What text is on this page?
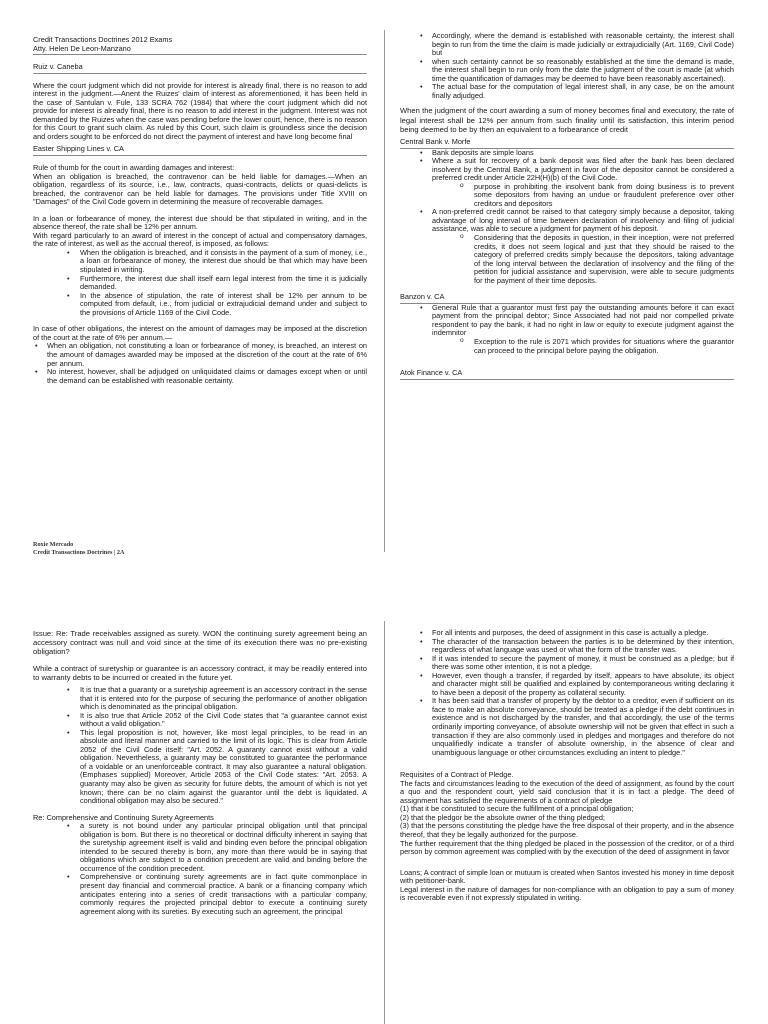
Credit Transactions Doctrines 2012 Exams

Atty. Helen De Leon-Manzano

Ruiz v. Caneba

Where the court judgment which did not provide for interest is already final, there is no reason to add interest in the judgment.—Anent the Ruizes' claim of interest as aforementioned, it has been held in the case of Santulan v. Fule, 133 SCRA 762 (1984) that where the court judgment which did not provide for interest is already final, there is no reason to add interest in the judgment. Interest was not demanded by the Ruizes when the case was pending before the lower court, hence, there is no reason for this Court to grant such claim. As ruled by this Court, such claim is groundless since the decision and orders sought to be enforced do not direct the payment of interest and have long become final

Easter Shipping Lines v. CA

Rule of thumb for the court in awarding damages and interest:
When an obligation is breached, the contravenor can be held liable for damages.—When an obligation, regardless of its source, i.e., law, contracts, quasi-contracts, delicts or quasi-delicts is breached, the contravenor can be held liable for damages. The provisions under Title XVIII on "Damages" of the Civil Code govern in determining the measure of recoverable damages.

In a loan or forbearance of money, the interest due should be that stipulated in writing, and in the absence thereof, the rate shall be 12% per annum.
With regard particularly to an award of interest in the concept of actual and compensatory damages, the rate of interest, as well as the accrual thereof, is imposed, as follows:

• When the obligation is breached, and it consists in the payment of a sum of money, i.e., a loan or forbearance of money, the interest due should be that which may have been stipulated in writing.
• Furthermore, the interest due shall itself earn legal interest from the time it is judicially demanded.
• In the absence of stipulation, the rate of interest shall be 12% per annum to be computed from default, i.e., from judicial or extrajudicial demand under and subject to the provisions of Article 1169 of the Civil Code.

In case of other obligations, the interest on the amount of damages may be imposed at the discretion of the court at the rate of 6% per annum.—

• When an obligation, not constituting a loan or forbearance of money, is breached, an interest on the amount of damages awarded may be imposed at the discretion of the court at the rate of 6% per annum.
• No interest, however, shall be adjudged on unliquidated claims or damages except when or until the demand can be established with reasonable certainty.
Roxie Mercado
Credit Transactions Doctrines | 2A
• Accordingly, where the demand is established with reasonable certainty, the interest shall begin to run from the time the claim is made judicially or extrajudicially (Art. 1169, Civil Code) but
• when such certainty cannot be so reasonably established at the time the demand is made, the interest shall begin to run only from the date the judgment of the court is made (at which time the quantification of damages may be deemed to have been reasonably ascertained).
• The actual base for the computation of legal interest shall, in any case, be on the amount finally adjudged.

When the judgment of the court awarding a sum of money becomes final and executory, the rate of legal interest shall be 12% per annum from such finality until its satisfaction, this interim period being deemed to be by then an equivalent to a forbearance of credit

Central Bank v. Morfe

• Bank deposits are simple loans
• Where a suit for recovery of a bank deposit was filed after the bank has been declared insolvent by the Central Bank, a judgment in favor of the depositor cannot be considered a preferred credit under Article 22H(H)(b) of the Civil Code.
o purpose in prohibiting the insolvent bank from doing business is to prevent some depositors from having an undue or fraudulent preference over other creditors and depositors
• A non-preferred credit cannot be raised to that category simply because a depositor, taking advantage of long interval of time between declaration of insolvency and filing of judicial assistance, was able to secure a judgment for payment of his deposit.
o Considering that the deposits in question, in their inception, were not preferred credits, it does not seem logical and just that they should be raised to the category of preferred credits simply because the depositors, taking advantage of the long interval between the declaration of insolvency and the filing of the petition for judicial assistance and supervision, were able to secure judgments for the payment of their time deposits.

Banzon v. CA

• General Rule that a guarantor must first pay the outstanding amounts before it can exact payment from the principal debtor; Since Associated had not paid nor compelled private respondent to pay the bank, it had no right in law or equity to execute judgment against the indemnitor
o Exception to the rule is 2071 which provides for situations where the guarantor can proceed to the principal before paying the obligation.

Atok Finance v. CA

Issue: Re: Trade receivables assigned as surety. WON the continuing surety agreement being an accessory contract was null and void since at the time of its execution there was no pre-existing obligation?

While a contract of suretyship or guarantee is an accessory contract, it may be readily entered into to warranty debts to be incurred or created in the future yet.

• It is true that a guaranty or a suretyship agreement is an accessory contract in the sense that it is entered into for the purpose of securing the performance of another obligation which is denominated as the principal obligation.
• It is also true that Article 2052 of the Civil Code states that "a guarantee cannot exist without a valid obligation."
• This legal proposition is not, however, like most legal principles, to be read in an absolute and literal manner and carried to the limit of its logic. This is clear from Article 2052 of the Civil Code itself: "Art. 2052. A guaranty cannot exist without a valid obligation. Nevertheless, a guaranty may be constituted to guarantee the performance of a voidable or an unenforceable contract. It may also guarantee a natural obligation. (Emphases supplied) Moreover, Article 2053 of the Civil Code states: "Art. 2053. A guaranty may also be given as security for future debts, the amount of which is not yet known; there can be no claim against the guarantor until the debt is liquidated. A conditional obligation may also be secured."

Re: Comprehensive and Continuing Surety Agreements

• a surety is not bound under any particular principal obligation until that principal obligation is born. But there is no theoretical or doctrinal difficulty inherent in saying that the suretyship agreement itself is valid and binding even before the principal obligation intended to be secured thereby is born, any more than there would be in saying that obligations which are subject to a condition precedent are valid and binding before the occurrence of the condition precedent.
• Comprehensive or continuing surety agreements are in fact quite commonplace in present day financial and commercial practice. A bank or a financing company which anticipates entering into a series of credit transactions with a particular company, commonly requires the projected principal debtor to execute a continuing surety agreement along with its sureties. By executing such an agreement, the principal
• For all intents and purposes, the deed of assignment in this case is actually a pledge.
• The character of the transaction between the parties is to be determined by their intention, regardless of what language was used or what the form of the transfer was.
• If it was intended to secure the payment of money, it must be construed as a pledge; but if there was some other intention, it is not a pledge.
• However, even though a transfer, if regarded by itself, appears to have absolute, its object and character might still be qualified and explained by contemporaneous writing declaring it to have been a deposit of the property as collateral security.
• It has been said that a transfer of property by the debtor to a creditor, even if sufficient on its face to make an absolute conveyance, should be treated as a pledge if the debt continues in existence and is not discharged by the transfer, and that accordingly, the use of the terms ordinarily importing conveyance, of absolute ownership will not be given that effect in such a transaction if they are also commonly used in pledges and mortgages and therefore do not unqualifiedly indicate a transfer of absolute ownership, in the absence of clear and unambiguous language or other circumstances excluding an intent to pledge."

Requisites of a Contract of Pledge.

The facts and circumstances leading to the execution of the deed of assignment, as found by the court a quo and the respondent court, yield said conclusion that it is in fact a pledge. The deed of assignment has satisfied the requirements of a contract of pledge
(1) that it be constituted to secure the fulfillment of a principal obligation;
(2) that the pledgor be the absolute owner of the thing pledged;
(3) that the persons constituting the pledge have the free disposal of their property, and in the absence thereof, that they be legally authorized for the purpose.
The further requirement that the thing pledged be placed in the possession of the creditor, or of a third person by common agreement was complied with by the execution of the deed of assignment in favor

Loans; A contract of simple loan or mutuum is created when Santos invested his money in time deposit with petitioner-bank.
Legal interest in the nature of damages for non-compliance with an obligation to pay a sum of money is recoverable even if not expressly stipulated in writing.
